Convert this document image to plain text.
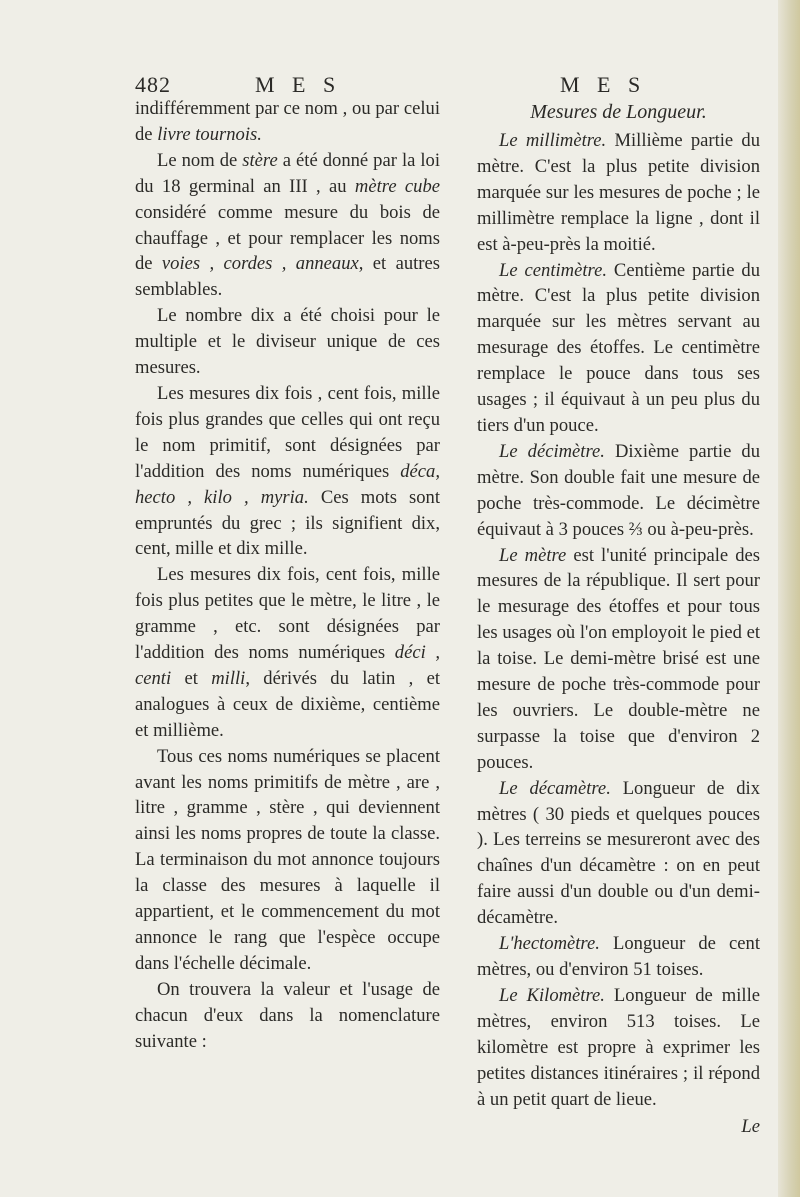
482	M E S	M E S

indifféremment par ce nom , ou par celui de livre tournois.

Le nom de stère a été donné par la loi du 18 germinal an III , au mètre cube considéré comme mesure du bois de chauffage , et pour remplacer les noms de voies , cordes , anneaux, et autres semblables.

Le nombre dix a été choisi pour le multiple et le diviseur unique de ces mesures.

Les mesures dix fois , cent fois, mille fois plus grandes que celles qui ont reçu le nom primitif, sont désignées par l'addition des noms numériques déca, hecto , kilo , myria. Ces mots sont empruntés du grec ; ils signifient dix, cent, mille et dix mille.

Les mesures dix fois, cent fois, mille fois plus petites que le mètre, le litre , le gramme , etc. sont désignées par l'addition des noms numériques déci , centi et milli, dérivés du latin , et analogues à ceux de dixième, centième et millième.

Tous ces noms numériques se placent avant les noms primitifs de mètre , are , litre , gramme , stère , qui deviennent ainsi les noms propres de toute la classe. La terminaison du mot annonce toujours la classe des mesures à laquelle il appartient, et le commencement du mot annonce le rang que l'espèce occupe dans l'échelle décimale.

On trouvera la valeur et l'usage de chacun d'eux dans la nomenclature suivante :

Mesures de Longueur.

Le millimètre. Millième partie du mètre. C'est la plus petite division marquée sur les mesures de poche ; le millimètre remplace la ligne , dont il est à-peu-près la moitié.

Le centimètre. Centième partie du mètre. C'est la plus petite division marquée sur les mètres servant au mesurage des étoffes. Le centimètre remplace le pouce dans tous ses usages ; il équivaut à un peu plus du tiers d'un pouce.

Le décimètre. Dixième partie du mètre. Son double fait une mesure de poche très-commode. Le décimètre équivaut à 3 pouces ⅔ ou à-peu-près.

Le mètre est l'unité principale des mesures de la république. Il sert pour le mesurage des étoffes et pour tous les usages où l'on employoit le pied et la toise. Le demi-mètre brisé est une mesure de poche très-commode pour les ouvriers. Le double-mètre ne surpasse la toise que d'environ 2 pouces.

Le décamètre. Longueur de dix mètres ( 30 pieds et quelques pouces ). Les terreins se mesureront avec des chaînes d'un décamètre : on en peut faire aussi d'un double ou d'un demi-décamètre.

L'hectomètre. Longueur de cent mètres, ou d'environ 51 toises.

Le Kilomètre. Longueur de mille mètres, environ 513 toises. Le kilomètre est propre à exprimer les petites distances itinéraires ; il répond à un petit quart de lieue.

Le
